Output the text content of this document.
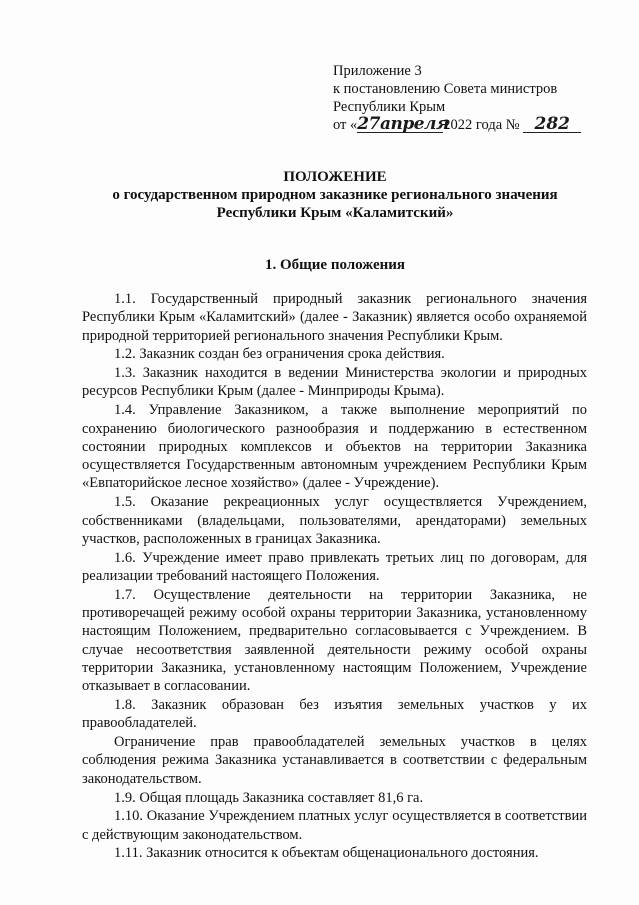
Приложение 3
к постановлению Совета министров
Республики Крым
от «27апреля2022 года № 282
ПОЛОЖЕНИЕ
о государственном природном заказнике регионального значения
Республики Крым «Каламитский»
1. Общие положения

1.1. Государственный природный заказник регионального значения Республики Крым «Каламитский» (далее - Заказник) является особо охраняемой природной территорией регионального значения Республики Крым.

1.2. Заказник создан без ограничения срока действия.

1.3. Заказник находится в ведении Министерства экологии и природных ресурсов Республики Крым (далее - Минприроды Крыма).

1.4. Управление Заказником, а также выполнение мероприятий по сохранению биологического разнообразия и поддержанию в естественном состоянии природных комплексов и объектов на территории Заказника осуществляется Государственным автономным учреждением Республики Крым «Евпаторийское лесное хозяйство» (далее - Учреждение).

1.5. Оказание рекреационных услуг осуществляется Учреждением, собственниками (владельцами, пользователями, арендаторами) земельных участков, расположенных в границах Заказника.

1.6. Учреждение имеет право привлекать третьих лиц по договорам, для реализации требований настоящего Положения.

1.7. Осуществление деятельности на территории Заказника, не противоречащей режиму особой охраны территории Заказника, установленному настоящим Положением, предварительно согласовывается с Учреждением. В случае несоответствия заявленной деятельности режиму особой охраны территории Заказника, установленному настоящим Положением, Учреждение отказывает в согласовании.

1.8. Заказник образован без изъятия земельных участков у их правообладателей.

Ограничение прав правообладателей земельных участков в целях соблюдения режима Заказника устанавливается в соответствии с федеральным законодательством.

1.9. Общая площадь Заказника составляет 81,6 га.

1.10. Оказание Учреждением платных услуг осуществляется в соответствии с действующим законодательством.

1.11. Заказник относится к объектам общенационального достояния.
